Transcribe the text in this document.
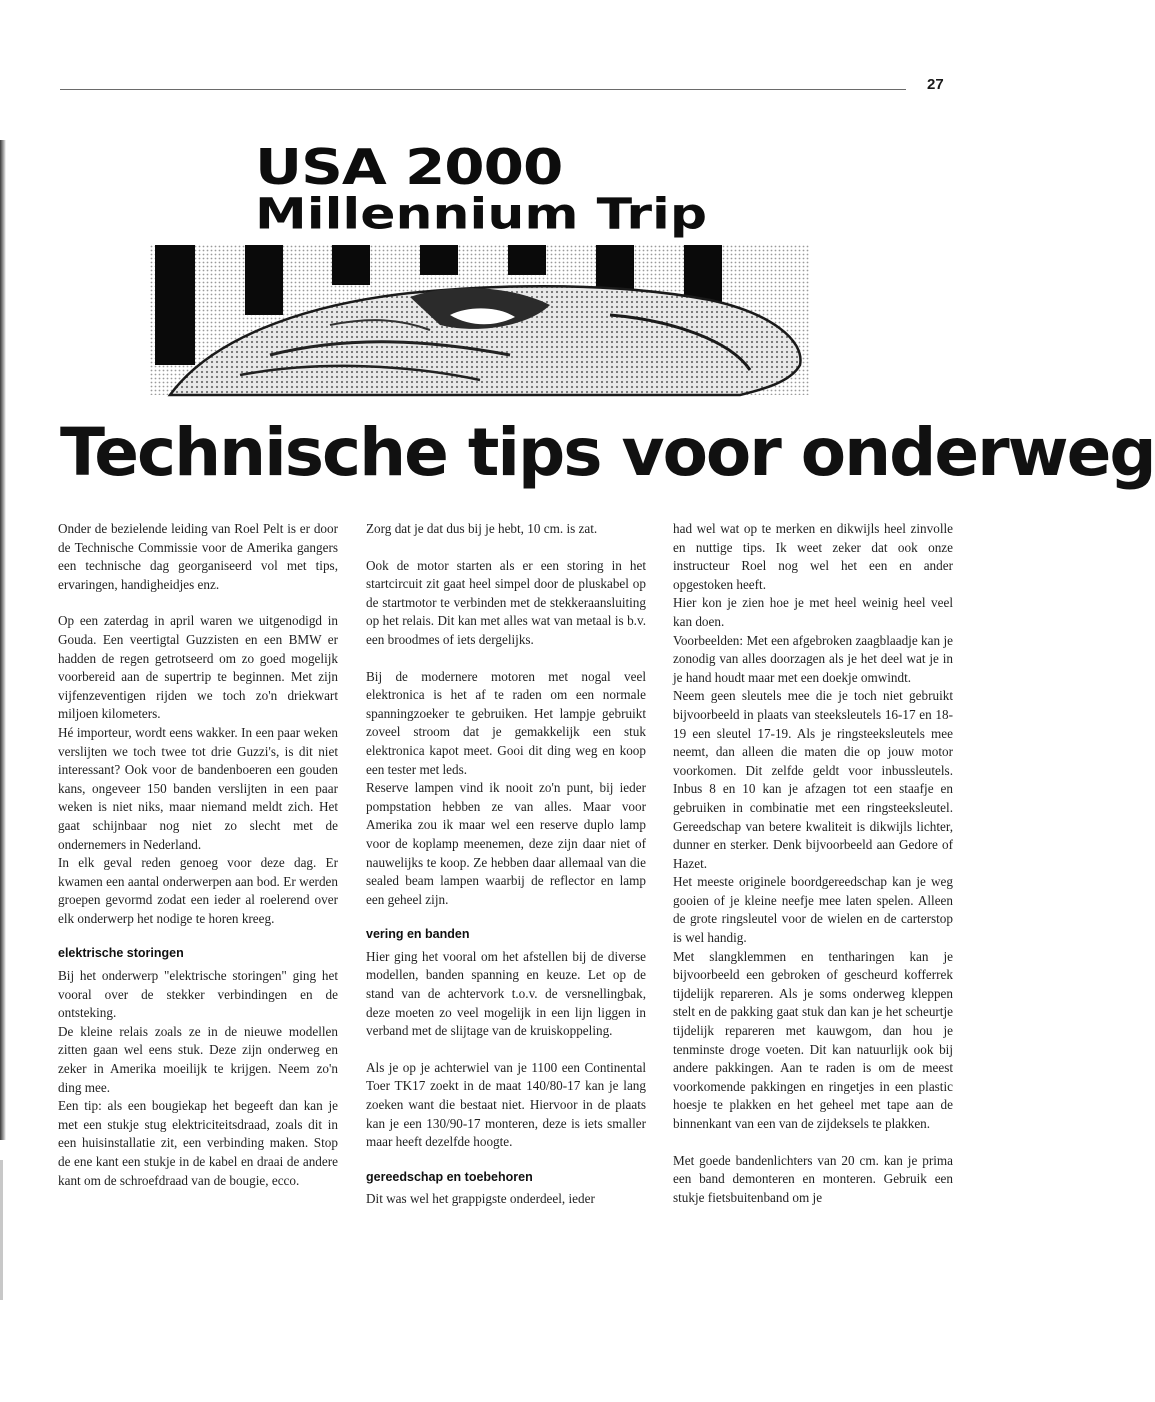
27
USA 2000
Millennium Trip
Technische tips voor onderweg

Onder de bezielende leiding van Roel Pelt is er door de Technische Commissie voor de Amerika gangers een technische dag georganiseerd vol met tips, ervaringen, handigheidjes enz.

Op een zaterdag in april waren we uitgenodigd in Gouda. Een veertigtal Guzzisten en een BMW er hadden de regen getrotseerd om zo goed mogelijk voorbereid aan de supertrip te beginnen. Met zijn vijfenzeventigen rijden we toch zo'n driekwart miljoen kilometers.

Hé importeur, wordt eens wakker. In een paar weken verslijten we toch twee tot drie Guzzi's, is dit niet interessant? Ook voor de bandenboeren een gouden kans, ongeveer 150 banden verslijten in een paar weken is niet niks, maar niemand meldt zich. Het gaat schijnbaar nog niet zo slecht met de ondernemers in Nederland.

In elk geval reden genoeg voor deze dag. Er kwamen een aantal onderwerpen aan bod. Er werden groepen gevormd zodat een ieder al roelerend over elk onderwerp het nodige te horen kreeg.

elektrische storingen

Bij het onderwerp "elektrische storingen" ging het vooral over de stekker verbindingen en de ontsteking.

De kleine relais zoals ze in de nieuwe modellen zitten gaan wel eens stuk. Deze zijn onderweg en zeker in Amerika moeilijk te krijgen. Neem zo'n ding mee.

Een tip: als een bougiekap het begeeft dan kan je met een stukje stug elektriciteitsdraad, zoals dit in een huisinstallatie zit, een verbinding maken. Stop de ene kant een stukje in de kabel en draai de andere kant om de schroefdraad van de bougie, ecco.

Zorg dat je dat dus bij je hebt, 10 cm. is zat.

Ook de motor starten als er een storing in het startcircuit zit gaat heel simpel door de pluskabel op de startmotor te verbinden met de stekkeraansluiting op het relais. Dit kan met alles wat van metaal is b.v. een broodmes of iets dergelijks.

Bij de modernere motoren met nogal veel elektronica is het af te raden om een normale spanningzoeker te gebruiken. Het lampje gebruikt zoveel stroom dat je gemakkelijk een stuk elektronica kapot meet. Gooi dit ding weg en koop een tester met leds.

Reserve lampen vind ik nooit zo'n punt, bij ieder pompstation hebben ze van alles. Maar voor Amerika zou ik maar wel een reserve duplo lamp voor de koplamp meenemen, deze zijn daar niet of nauwelijks te koop. Ze hebben daar allemaal van die sealed beam lampen waarbij de reflector en lamp een geheel zijn.

vering en banden

Hier ging het vooral om het afstellen bij de diverse modellen, banden spanning en keuze. Let op de stand van de achtervork t.o.v. de versnellingbak, deze moeten zo veel mogelijk in een lijn liggen in verband met de slijtage van de kruiskoppeling.

Als je op je achterwiel van je 1100 een Continental Toer TK17 zoekt in de maat 140/80-17 kan je lang zoeken want die bestaat niet. Hiervoor in de plaats kan je een 130/90-17 monteren, deze is iets smaller maar heeft dezelfde hoogte.

gereedschap en toebehoren

Dit was wel het grappigste onderdeel, ieder

had wel wat op te merken en dikwijls heel zinvolle en nuttige tips. Ik weet zeker dat ook onze instructeur Roel nog wel het een en ander opgestoken heeft.

Hier kon je zien hoe je met heel weinig heel veel kan doen.

Voorbeelden: Met een afgebroken zaagblaadje kan je zonodig van alles doorzagen als je het deel wat je in je hand houdt maar met een doekje omwindt.

Neem geen sleutels mee die je toch niet gebruikt bijvoorbeeld in plaats van steeksleutels 16-17 en 18-19 een sleutel 17-19. Als je ringsteeksleutels mee neemt, dan alleen die maten die op jouw motor voorkomen. Dit zelfde geldt voor inbussleutels. Inbus 8 en 10 kan je afzagen tot een staafje en gebruiken in combinatie met een ringsteeksleutel. Gereedschap van betere kwaliteit is dikwijls lichter, dunner en sterker. Denk bijvoorbeeld aan Gedore of Hazet.

Het meeste originele boordgereedschap kan je weg gooien of je kleine neefje mee laten spelen. Alleen de grote ringsleutel voor de wielen en de carterstop is wel handig.

Met slangklemmen en tentharingen kan je bijvoorbeeld een gebroken of gescheurd kofferrek tijdelijk repareren. Als je soms onderweg kleppen stelt en de pakking gaat stuk dan kan je het scheurtje tijdelijk repareren met kauwgom, dan hou je tenminste droge voeten. Dit kan natuurlijk ook bij andere pakkingen. Aan te raden is om de meest voorkomende pakkingen en ringetjes in een plastic hoesje te plakken en het geheel met tape aan de binnenkant van een van de zijdeksels te plakken.

Met goede bandenlichters van 20 cm. kan je prima een band demonteren en monteren. Gebruik een stukje fietsbuitenband om je
